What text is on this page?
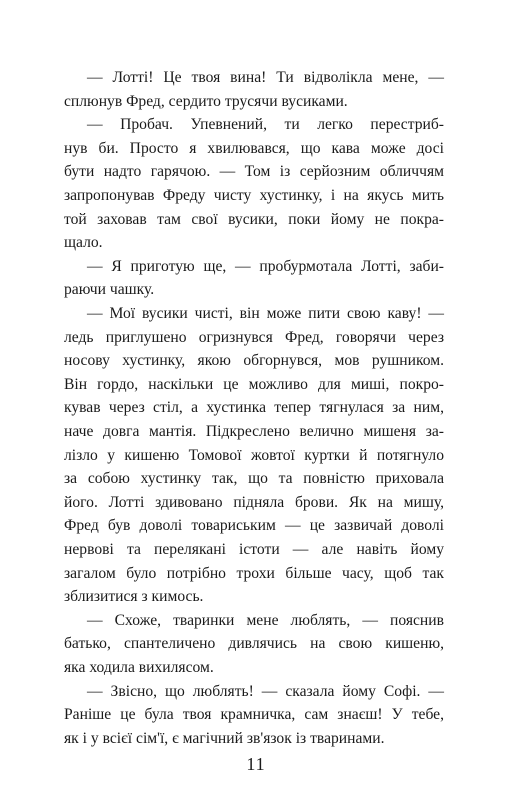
— Лотті! Це твоя вина! Ти відволікла мене, —
сплюнув Фред, сердито трусячи вусиками.
— Пробач. Упевнений, ти легко перестриб-
нув би. Просто я хвилювався, що кава може досі
бути надто гарячою. — Том із серйозним обличчям
запропонував Фреду чисту хустинку, і на якусь мить
той заховав там свої вусики, поки йому не покра-
щало.
— Я приготую ще, — пробурмотала Лотті, заби-
раючи чашку.
— Мої вусики чисті, він може пити свою каву! —
ледь приглушено огризнувся Фред, говорячи через
носову хустинку, якою обгорнувся, мов рушником.
Він гордо, наскільки це можливо для миші, покро-
кував через стіл, а хустинка тепер тягнулася за ним,
наче довга мантія. Підкреслено велично мишеня за-
лізло у кишеню Томової жовтої куртки й потягнуло
за собою хустинку так, що та повністю приховала
його. Лотті здивовано підняла брови. Як на мишу,
Фред був доволі товариським — це зазвичай доволі
нервові та перелякані істоти — але навіть йому
загалом було потрібно трохи більше часу, щоб так
зблизитися з кимось.
— Схоже, тваринки мене люблять, — пояснив
батько, спантеличено дивлячись на свою кишеню,
яка ходила вихилясом.
— Звісно, що люблять! — сказала йому Софі. —
Раніше це була твоя крамничка, сам знаєш! У тебе,
як і у всієї сім'ї, є магічний зв'язок із тваринами.
11
